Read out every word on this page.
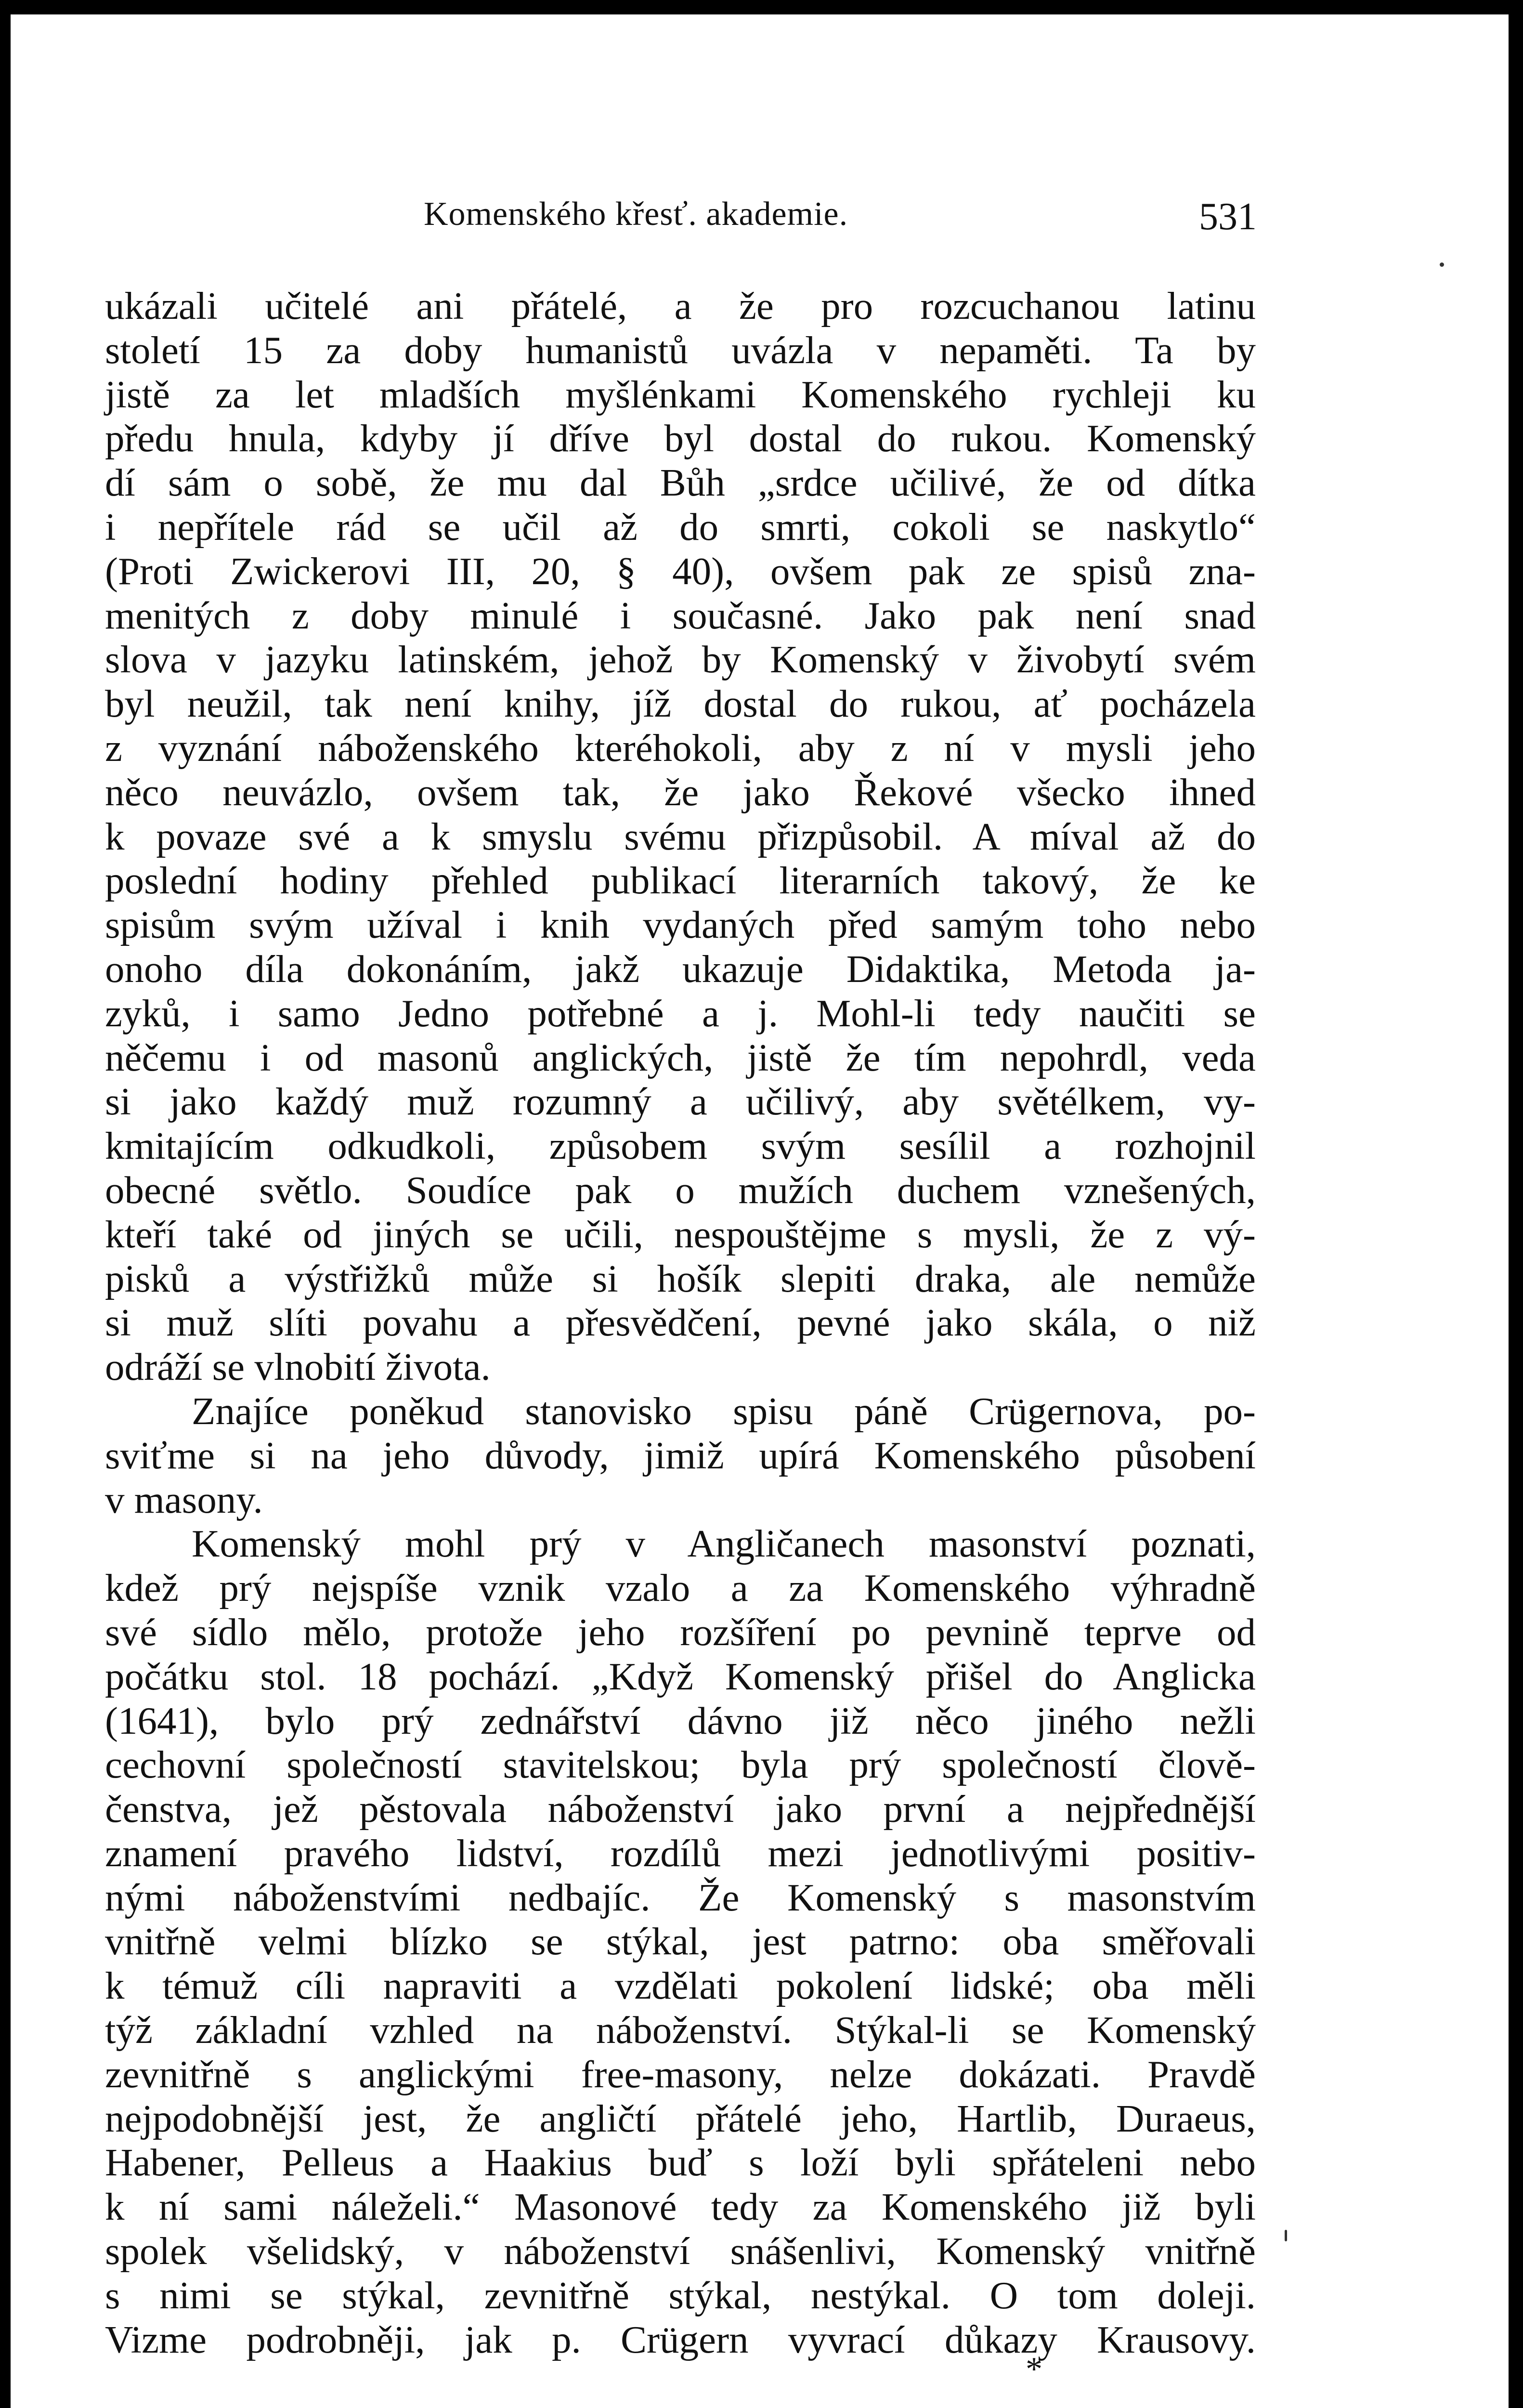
Komenského křesť. akademie.	531
ukázali učitelé ani přátelé, a že pro rozcuchanou latinu
století 15 za doby humanistů uvázla v nepaměti. Ta by
jistě za let mladších myšlénkami Komenského rychleji ku
předu hnula, kdyby jí dříve byl dostal do rukou. Komenský
dí sám o sobě, že mu dal Bůh „srdce učilivé, že od dítka
i nepřítele rád se učil až do smrti, cokoli se naskytlo“
(Proti Zwickerovi III, 20, § 40), ovšem pak ze spisů zna-
menitých z doby minulé i současné. Jako pak není snad
slova v jazyku latinském, jehož by Komenský v živobytí svém
byl neužil, tak není knihy, jíž dostal do rukou, ať pocházela
z vyznání náboženského kteréhokoli, aby z ní v mysli jeho
něco neuvázlo, ovšem tak, že jako Řekové všecko ihned
k povaze své a k smyslu svému přizpůsobil. A míval až do
poslední hodiny přehled publikací literarních takový, že ke
spisům svým užíval i knih vydaných před samým toho nebo
onoho díla dokonáním, jakž ukazuje Didaktika, Metoda ja-
zyků, i samo Jedno potřebné a j. Mohl-li tedy naučiti se
něčemu i od masonů anglických, jistě že tím nepohrdl, veda
si jako každý muž rozumný a učilivý, aby světélkem, vy-
kmitajícím odkudkoli, způsobem svým sesílil a rozhojnil
obecné světlo. Soudíce pak o mužích duchem vznešených,
kteří také od jiných se učili, nespouštějme s mysli, že z vý-
pisků a výstřižků může si hošík slepiti draka, ale nemůže
si muž slíti povahu a přesvědčení, pevné jako skála, o niž
odráží se vlnobití života.
Znajíce poněkud stanovisko spisu páně Crügernova, po-
sviťme si na jeho důvody, jimiž upírá Komenského působení
v masony.
Komenský mohl prý v Angličanech masonství poznati,
kdež prý nejspíše vznik vzalo a za Komenského výhradně
své sídlo mělo, protože jeho rozšíření po pevnině teprve od
počátku stol. 18 pochází. „Když Komenský přišel do Anglicka
(1641), bylo prý zednářství dávno již něco jiného nežli
cechovní společností stavitelskou; byla prý společností člově-
čenstva, jež pěstovala náboženství jako první a nejpřednější
znamení pravého lidství, rozdílů mezi jednotlivými positiv-
nými náboženstvími nedbajíc. Že Komenský s masonstvím
vnitřně velmi blízko se stýkal, jest patrno: oba směřovali
k témuž cíli napraviti a vzdělati pokolení lidské; oba měli
týž základní vzhled na náboženství. Stýkal-li se Komenský
zevnitřně s anglickými free-masony, nelze dokázati. Pravdě
nejpodobnější jest, že angličtí přátelé jeho, Hartlib, Duraeus,
Habener, Pelleus a Haakius buď s loží byli spřáteleni nebo
k ní sami náleželi.“ Masonové tedy za Komenského již byli
spolek všelidský, v náboženství snášenlivi, Komenský vnitřně
s nimi se stýkal, zevnitřně stýkal, nestýkal. O tom doleji.
Vizme podrobněji, jak p. Crügern vyvrací důkazy Krausovy.
*
